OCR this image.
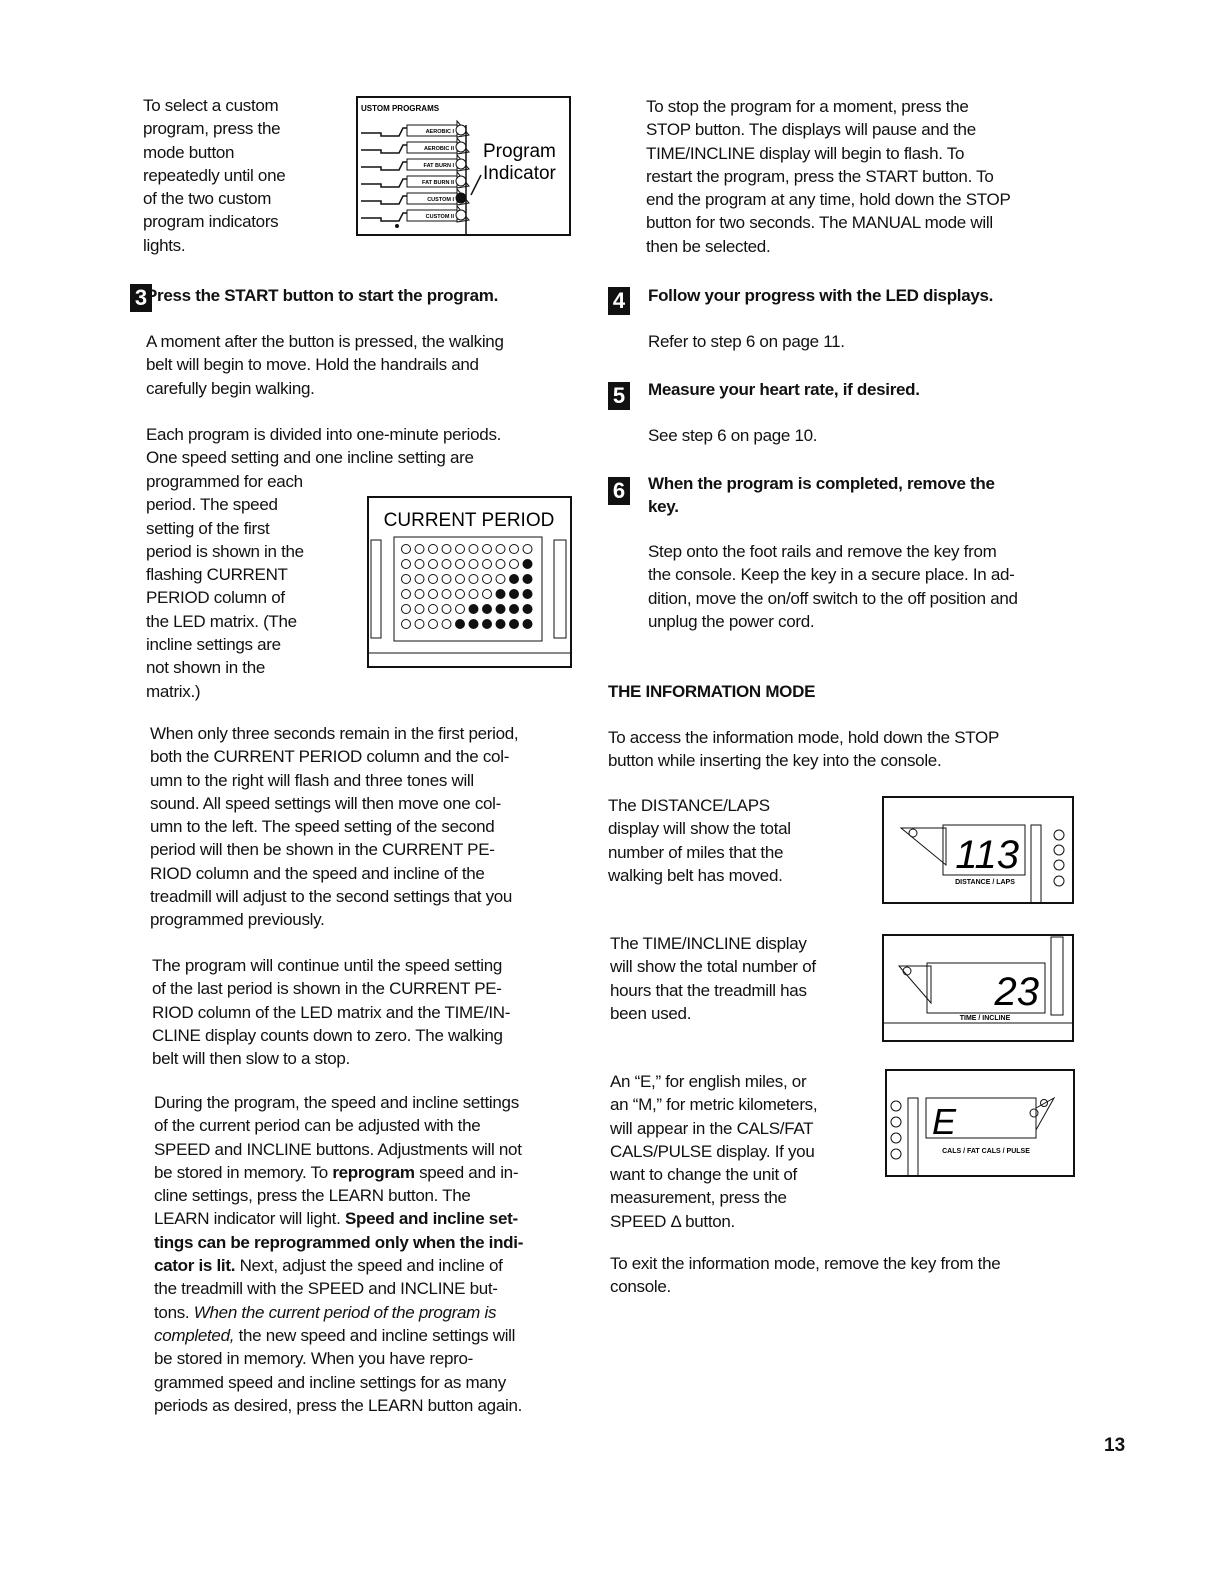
To select a custom
program, press the
mode button
repeatedly until one
of the two custom
program indicators
lights.
USTOM PROGRAMS
AEROBIC I
AEROBIC II
FAT BURN I
FAT BURN II
CUSTOM I
CUSTOM II
Program
Indicator
3
Press the START button to start the program.
A moment after the button is pressed, the walking
belt will begin to move. Hold the handrails and
carefully begin walking.
Each program is divided into one-minute periods.
One speed setting and one incline setting are
programmed for each
period. The speed
setting of the first
period is shown in the
flashing CURRENT
PERIOD column of
the LED matrix. (The
incline settings are
not shown in the
matrix.)
CURRENT PERIOD
When only three seconds remain in the first period,
both the CURRENT PERIOD column and the col-
umn to the right will flash and three tones will
sound. All speed settings will then move one col-
umn to the left. The speed setting of the second
period will then be shown in the CURRENT PE-
RIOD column and the speed and incline of the
treadmill will adjust to the second settings that you
programmed previously.
The program will continue until the speed setting
of the last period is shown in the CURRENT PE-
RIOD column of the LED matrix and the TIME/IN-
CLINE display counts down to zero. The walking
belt will then slow to a stop.
During the program, the speed and incline settings
of the current period can be adjusted with the
SPEED and INCLINE buttons. Adjustments will not
be stored in memory. To reprogram speed and in-
cline settings, press the LEARN button. The
LEARN indicator will light. Speed and incline set-
tings can be reprogrammed only when the indi-
cator is lit. Next, adjust the speed and incline of
the treadmill with the SPEED and INCLINE but-
tons. When the current period of the program is
completed, the new speed and incline settings will
be stored in memory. When you have repro-
grammed speed and incline settings for as many
periods as desired, press the LEARN button again.
To stop the program for a moment, press the
STOP button. The displays will pause and the
TIME/INCLINE display will begin to flash. To
restart the program, press the START button. To
end the program at any time, hold down the STOP
button for two seconds. The MANUAL mode will
then be selected.
4 Follow your progress with the LED displays.
Refer to step 6 on page 11.
5 Measure your heart rate, if desired.
See step 6 on page 10.
6 When the program is completed, remove the
key.
Step onto the foot rails and remove the key from
the console. Keep the key in a secure place. In ad-
dition, move the on/off switch to the off position and
unplug the power cord.
THE INFORMATION MODE
To access the information mode, hold down the STOP
button while inserting the key into the console.
The DISTANCE/LAPS
display will show the total
number of miles that the
walking belt has moved.	113
DISTANCE / LAPS
The TIME/INCLINE display
will show the total number of
hours that the treadmill has
been used.	23
TIME / INCLINE
An “E,” for english miles, or
an “M,” for metric kilometers,
will appear in the CALS/FAT
CALS/PULSE display. If you
want to change the unit of
measurement, press the
SPEED Δ button.
E
CALS / FAT CALS / PULSE
To exit the information mode, remove the key from the
console.
13
